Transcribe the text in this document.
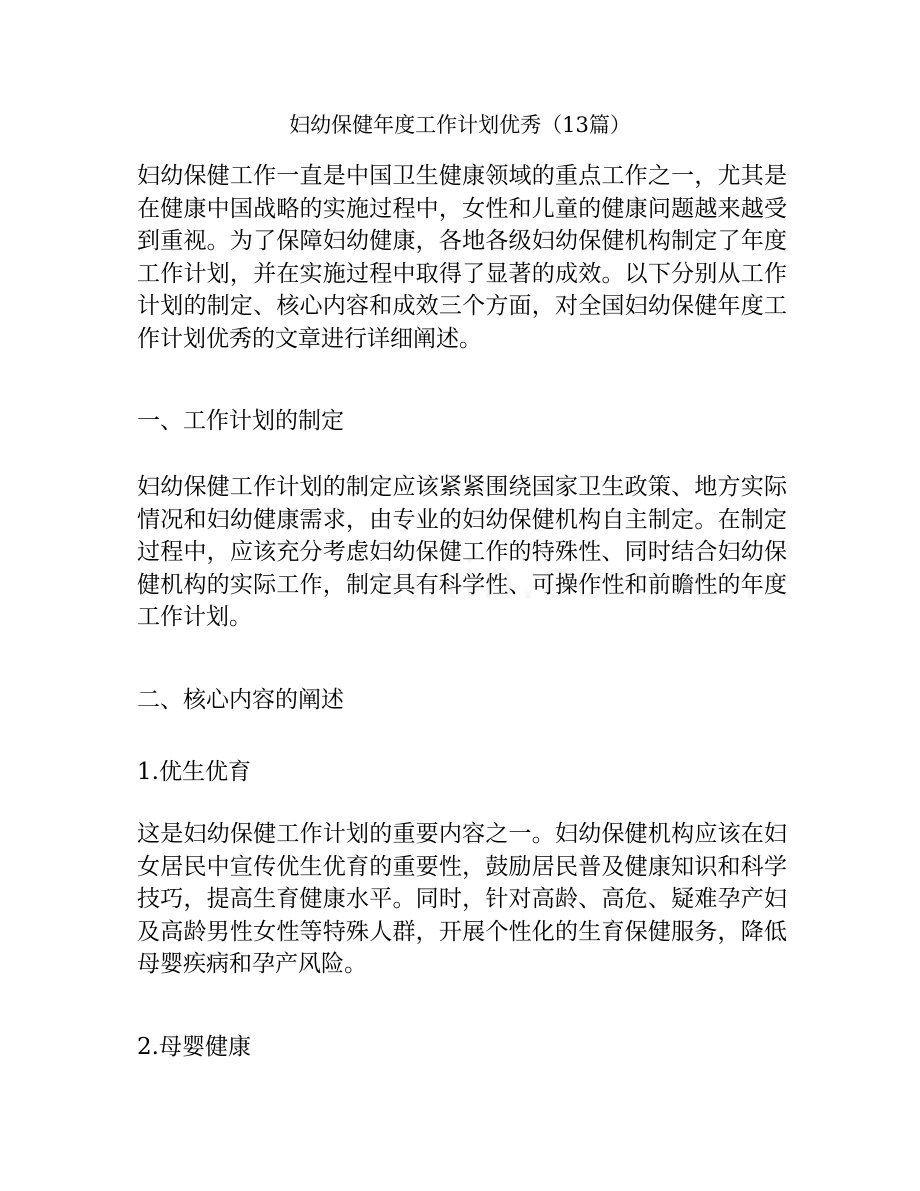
妇幼保健年度工作计划优秀（13篇）
妇幼保健工作一直是中国卫生健康领域的重点工作之一，尤其是在健康中国战略的实施过程中，女性和儿童的健康问题越来越受到重视。为了保障妇幼健康，各地各级妇幼保健机构制定了年度工作计划，并在实施过程中取得了显著的成效。以下分别从工作计划的制定、核心内容和成效三个方面，对全国妇幼保健年度工作计划优秀的文章进行详细阐述。
一、工作计划的制定
妇幼保健工作计划的制定应该紧紧围绕国家卫生政策、地方实际情况和妇幼健康需求，由专业的妇幼保健机构自主制定。在制定过程中，应该充分考虑妇幼保健工作的特殊性、同时结合妇幼保健机构的实际工作，制定具有科学性、可操作性和前瞻性的年度工作计划。
二、核心内容的阐述
1.优生优育
这是妇幼保健工作计划的重要内容之一。妇幼保健机构应该在妇女居民中宣传优生优育的重要性，鼓励居民普及健康知识和科学技巧，提高生育健康水平。同时，针对高龄、高危、疑难孕产妇及高龄男性女性等特殊人群，开展个性化的生育保健服务，降低母婴疾病和孕产风险。
2.母婴健康
